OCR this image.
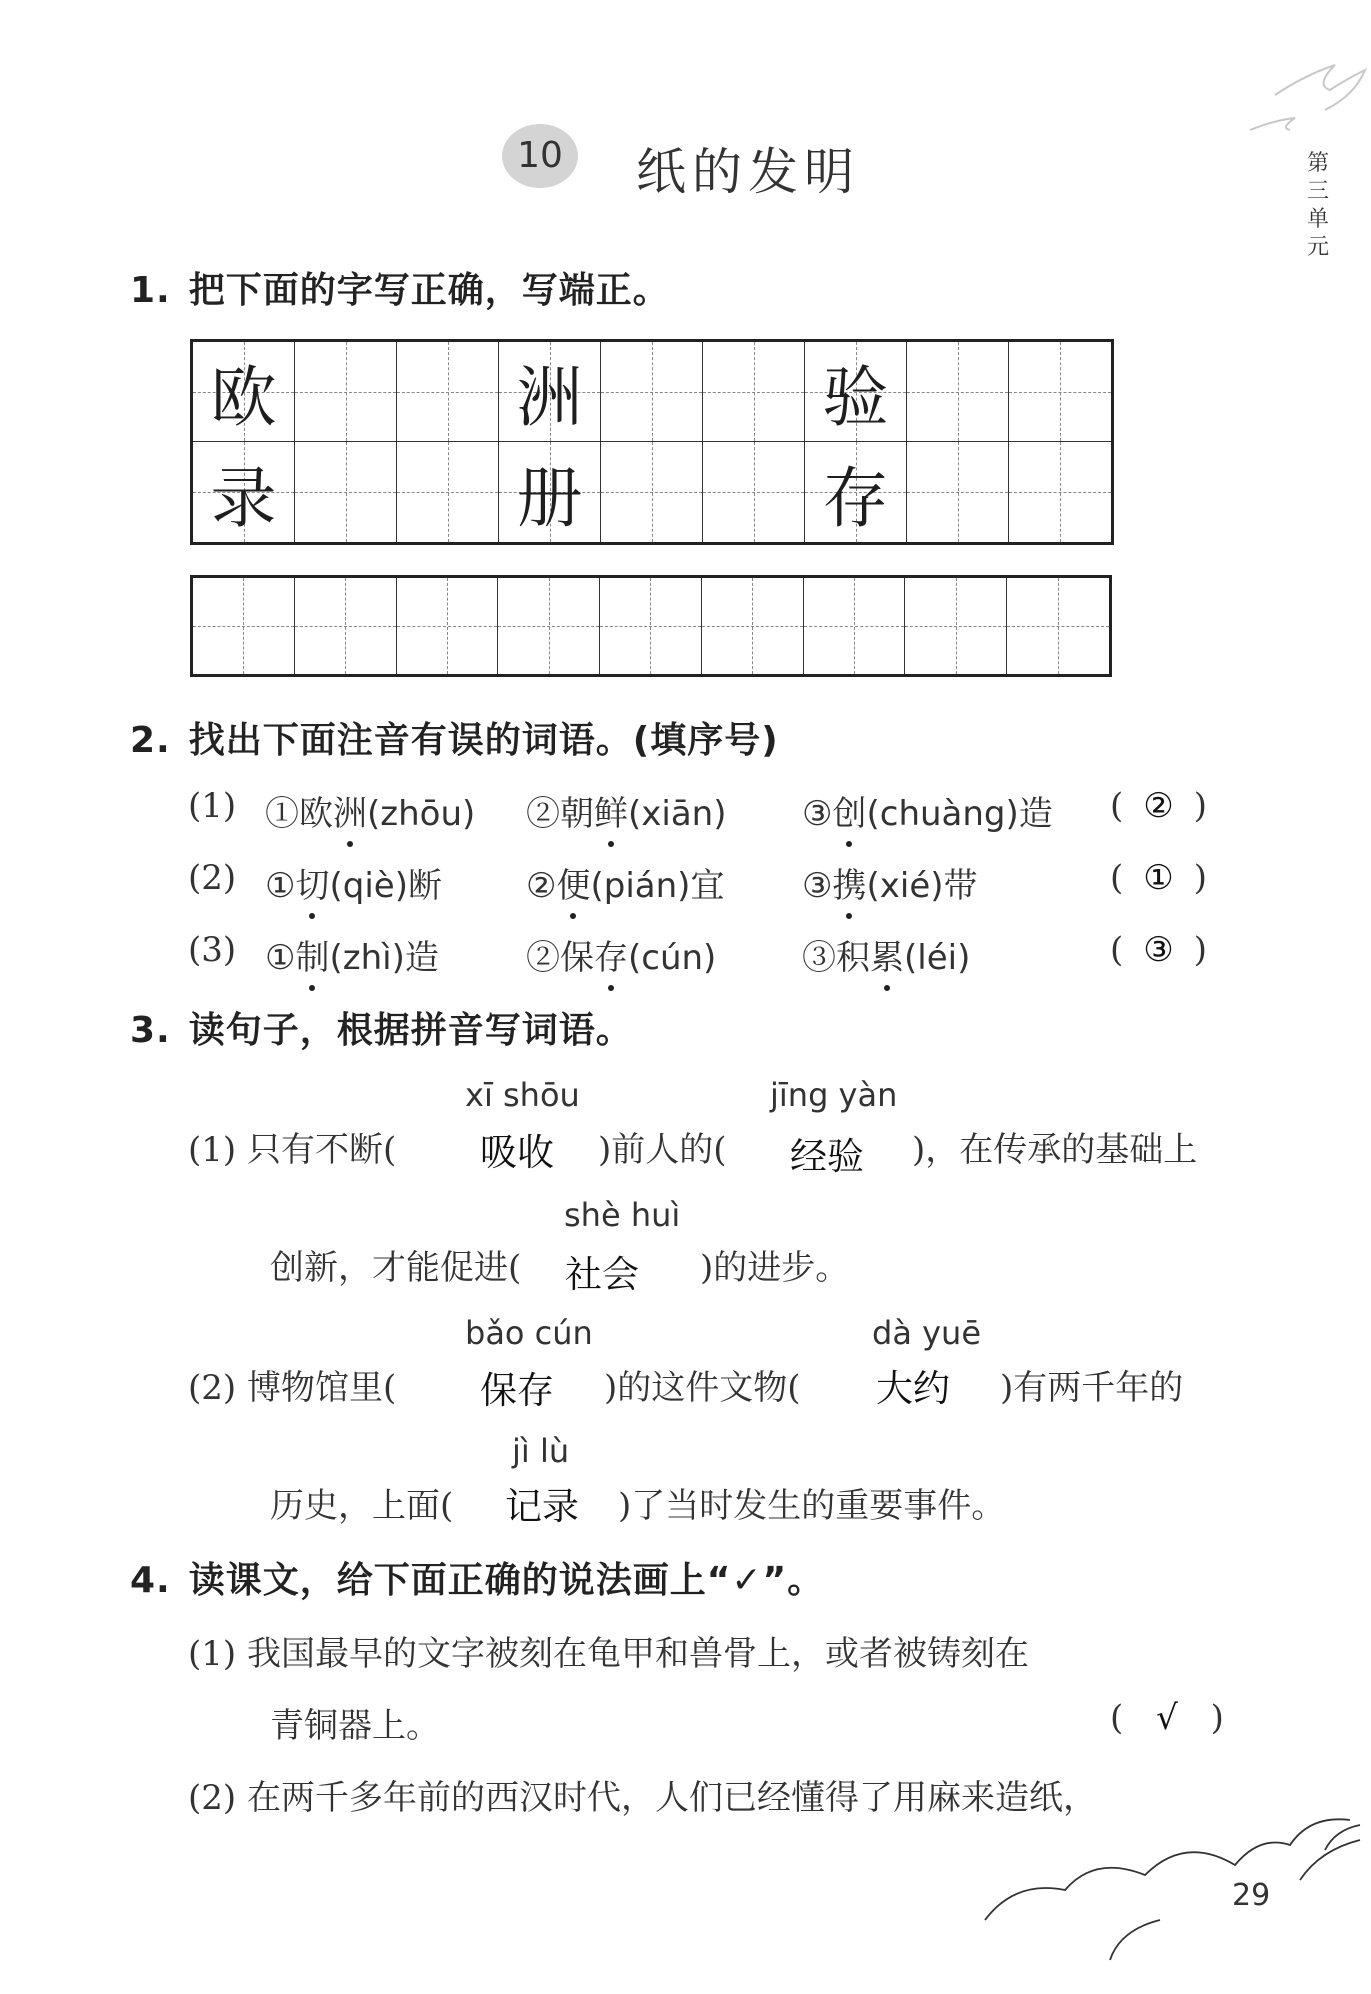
10	纸的发明	第三单元
1. 把下面的字写正确，写端正。
欧	洲	验
录	册	存
2. 找出下面注音有误的词语。(填序号)
(1) ①欧洲(zhōu) ②朝鲜(xiān) ③创(chuàng)造 ( ② )
(2) ①切(qiè)断 ②便(pián)宜 ③携(xié)带	( ① )
(3) ①制(zhì)造	②保存(cún)	③积累(léi)	( ③ )
3. 读句子，根据拼音写词语。
xī shōu	jīng yàn
(1) 只有不断( 吸收 )前人的( 经验 )，在传承的基础上
shè huì
创新，才能促进( 社会 )的进步。
bǎo cún	dà yuē
(2) 博物馆里( 保存 )的这件文物( 大约 )有两千年的
jì lù
历史，上面( 记录 )了当时发生的重要事件。
4. 读课文，给下面正确的说法画上“✓”。
(1) 我国最早的文字被刻在龟甲和兽骨上，或者被铸刻在
青铜器上。	( √ )
(2) 在两千多年前的西汉时代，人们已经懂得了用麻来造纸，
29
